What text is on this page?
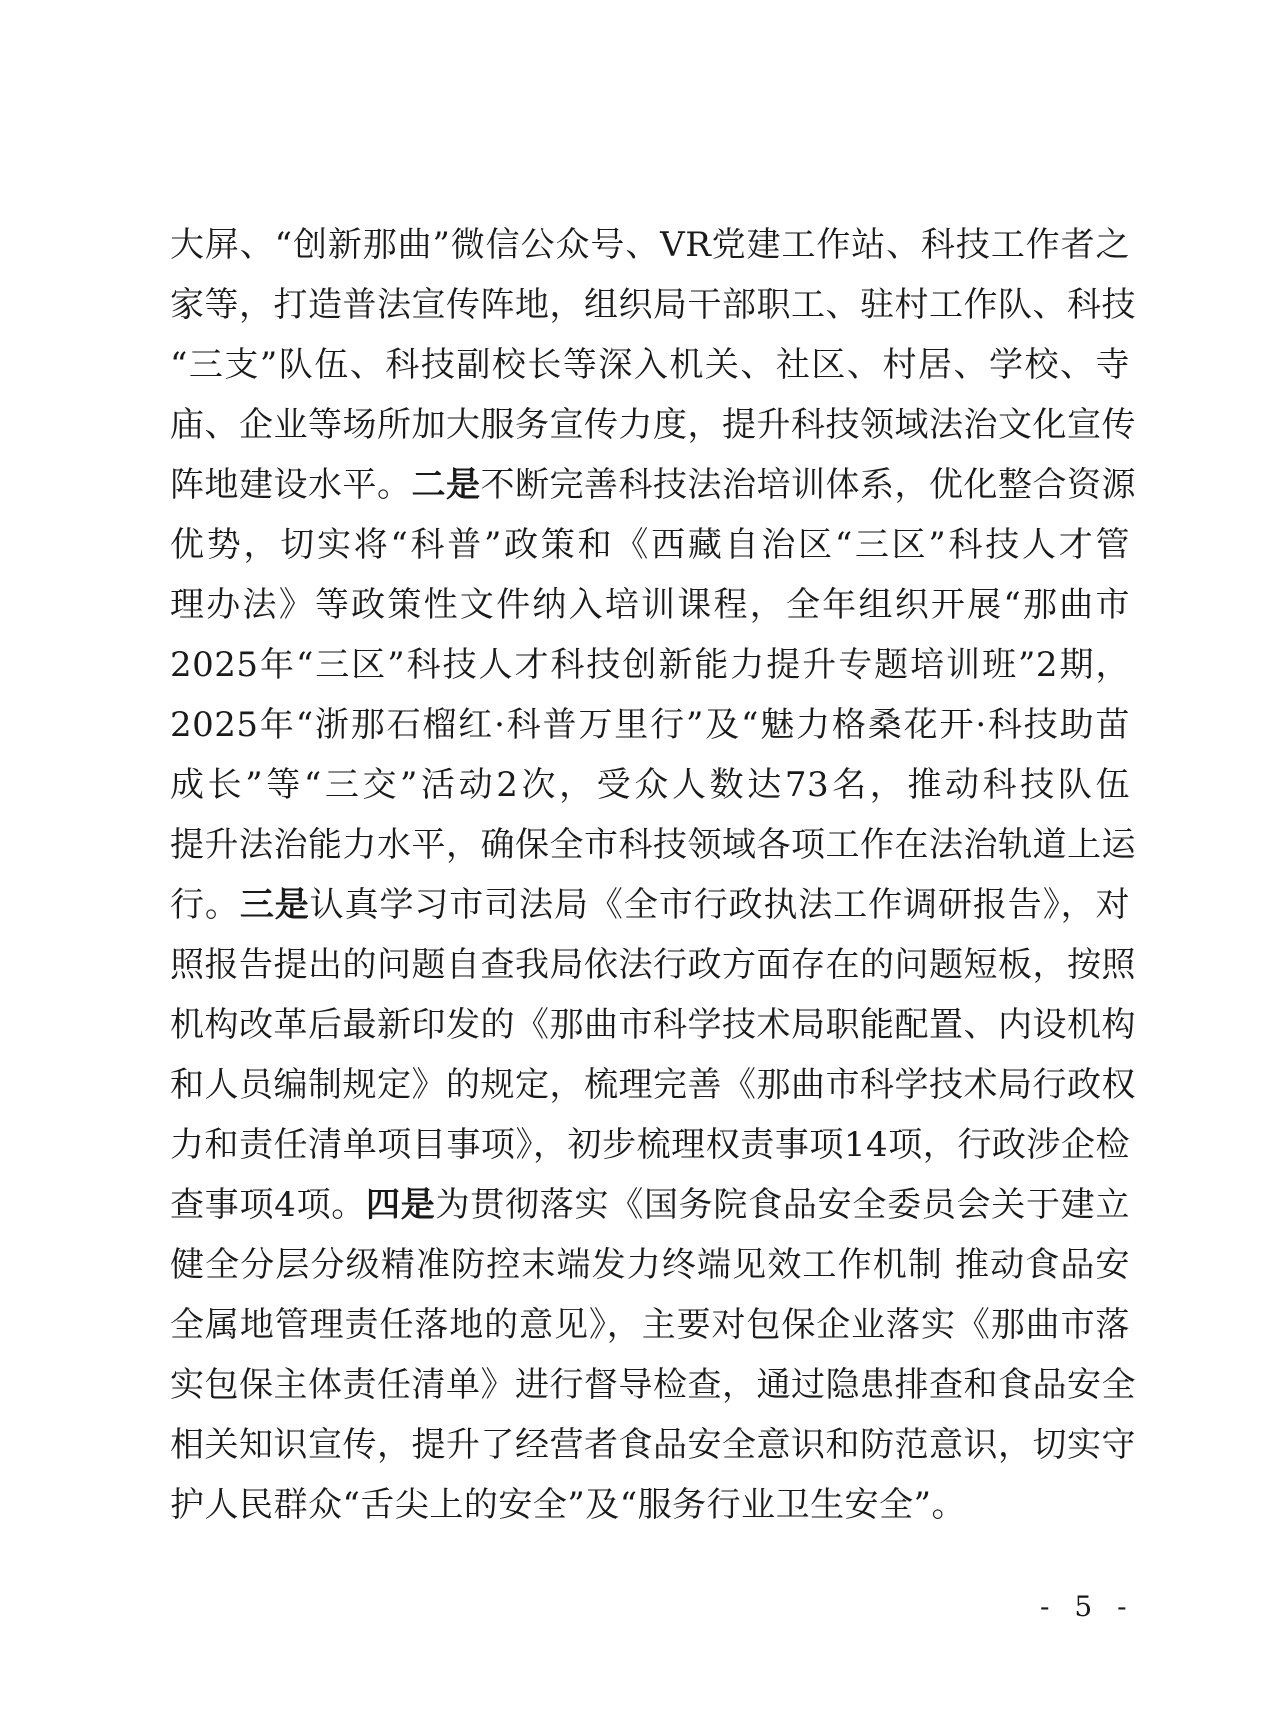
大屏、“创新那曲”微信公众号、VR党建工作站、科技工作者之
家等，打造普法宣传阵地，组织局干部职工、驻村工作队、科技
“三支”队伍、科技副校长等深入机关、社区、村居、学校、寺
庙、企业等场所加大服务宣传力度，提升科技领域法治文化宣传
阵地建设水平。二是不断完善科技法治培训体系，优化整合资源
优势，切实将“科普”政策和《西藏自治区“三区”科技人才管
理办法》等政策性文件纳入培训课程，全年组织开展“那曲市
2025年“三区”科技人才科技创新能力提升专题培训班”2期，
2025年“浙那石榴红·科普万里行”及“魅力格桑花开·科技助苗
成长”等“三交”活动2次，受众人数达73名，推动科技队伍
提升法治能力水平，确保全市科技领域各项工作在法治轨道上运
行。三是认真学习市司法局《全市行政执法工作调研报告》，对
照报告提出的问题自查我局依法行政方面存在的问题短板，按照
机构改革后最新印发的《那曲市科学技术局职能配置、内设机构
和人员编制规定》的规定，梳理完善《那曲市科学技术局行政权
力和责任清单项目事项》，初步梳理权责事项14项，行政涉企检
查事项4项。四是为贯彻落实《国务院食品安全委员会关于建立
健全分层分级精准防控末端发力终端见效工作机制 推动食品安
全属地管理责任落地的意见》，主要对包保企业落实《那曲市落
实包保主体责任清单》进行督导检查，通过隐患排查和食品安全
相关知识宣传，提升了经营者食品安全意识和防范意识，切实守
护人民群众“舌尖上的安全”及“服务行业卫生安全”。
- 5 -
